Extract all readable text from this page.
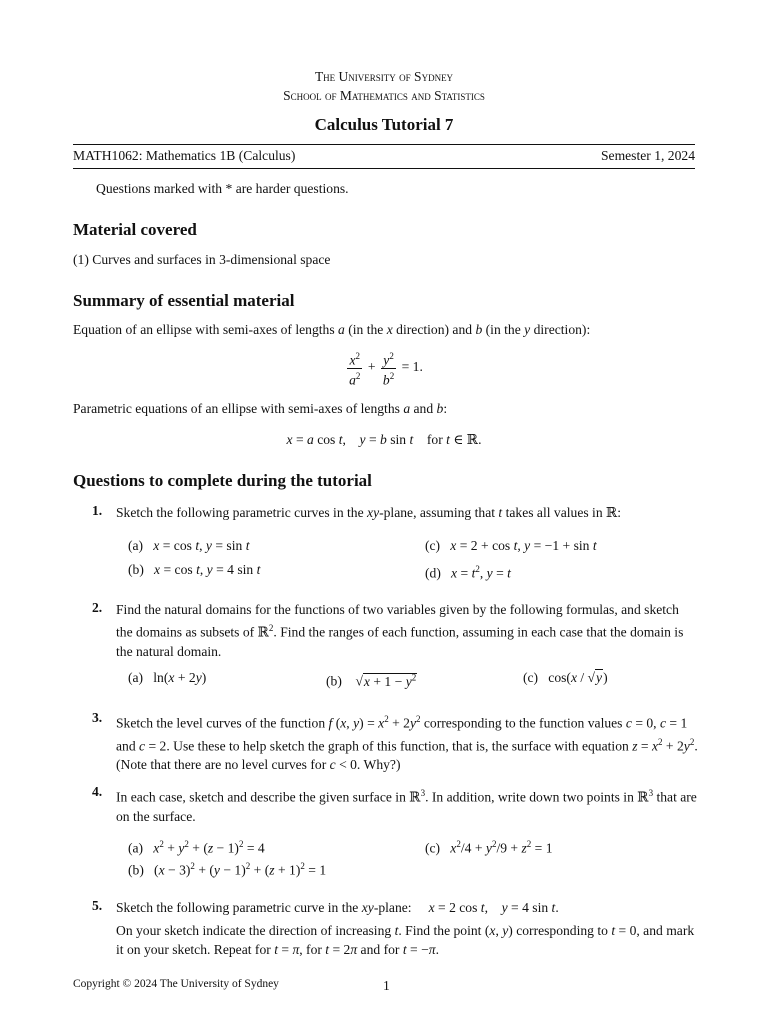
The University of Sydney
School of Mathematics and Statistics
Calculus Tutorial 7
MATH1062: Mathematics 1B (Calculus)	Semester 1, 2024
Questions marked with * are harder questions.
Material covered
(1) Curves and surfaces in 3-dimensional space
Summary of essential material
Equation of an ellipse with semi-axes of lengths a (in the x direction) and b (in the y direction):
$\frac{x^2}{a^2} + \frac{y^2}{b^2} = 1$.
Parametric equations of an ellipse with semi-axes of lengths a and b:
x = a cos t,    y = b sin t    for t ∈ ℝ.
Questions to complete during the tutorial
1. Sketch the following parametric curves in the xy-plane, assuming that t takes all values in ℝ:
(a)   x = cos t, y = sin t	(c)   x = 2 + cos t, y = −1 + sin t
(b)   x = cos t, y = 4 sin t	(d)   $x = t^2$, y = t
2. Find the natural domains for the functions of two variables given by the following formulas, and sketch the domains as subsets of ℝ$^2$. Find the ranges of each function, assuming in each case that the domain is the natural domain.
(a)   ln(x + 2y)	(b)    $√x + 1 - y^2$	(c)   cos(x / √y)
3. Sketch the level curves of the function f (x, $y) = x^2 + 2y^2$ corresponding to the function values c = 0, c = 1 and c = 2. Use these to help sketch the graph of this function, that is, the surface with equation $z = x^2 + 2y^2$. (Note that there are no level curves for c < 0. Why?)
4. In each case, sketch and describe the given surface in ℝ$^3$. In addition, write down two points in ℝ$^3$ that are on the surface.
(a)   $x^2 + y^2 + (z - 1)^2 = 4$	(c)   $x^2/4 + y^2/9 + z^2 = 1$
(b)   $(x - 3)^2 + (y - 1)^2 + (z + 1)^2 = 1$
5. Sketch the following parametric curve in the xy-plane:     x = 2 cos t,    y = 4 sin t.
On your sketch indicate the direction of increasing t. Find the point (x, y) corresponding to t = 0, and mark it on your sketch. Repeat for t = π, for t = 2π and for t = −π.
Copyright © 2024 The University of Sydney	1
